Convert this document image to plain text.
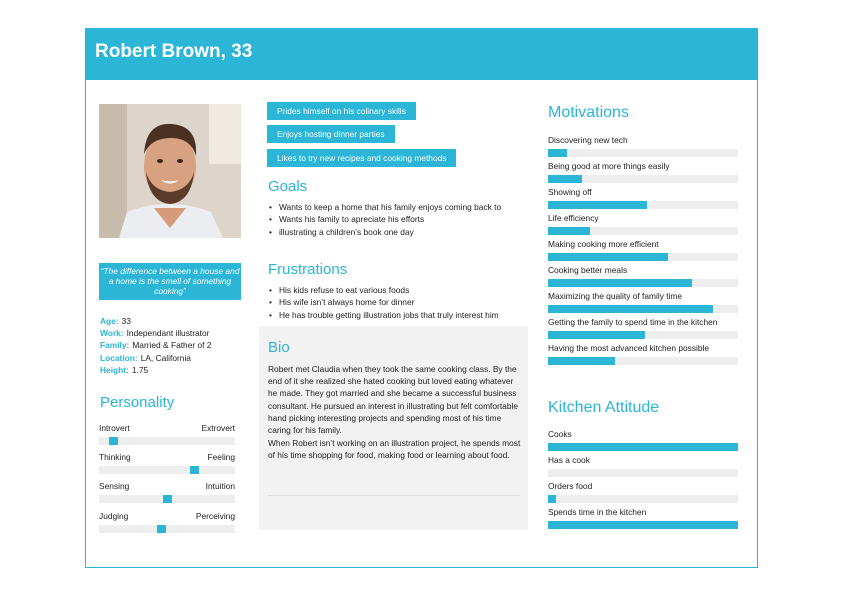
Robert Brown, 33
“The difference between a house and a home is the smell of something cooking”
Age: 33
Work: Independant illustrator
Family: Married & Father of 2
Location: LA, California
Height: 1.75
Personality
Introvert	Extrovert
Thinking	Feeling
Sensing	Intuition
Judging	Perceiving
Prides himself on his colinary skills
Enjoys hosting dinner parties
Likes to try new recipes and cooking methods
Goals
• Wants to keep a home that his family enjoys coming back to
• Wants his family to apreciate his efforts
• illustrating a children’s book one day
Frustrations
• His kids refuse to eat various foods
• His wife isn’t always home for dinner
• He has trouble getting illustration jobs that truly interest him
Bio

Robert met Claudia when they took the same cooking class. By the end of it she realized she hated cooking but loved eating whatever he made. They got married and she became a successful business consultant. He pursued an interest in illustrating but felt comfortable hand picking interesting projects and spending most of his time caring for his family.

When Robert isn’t working on an illustration project, he spends most of his time shopping for food, making food or learning about food.

Motivations
Discovering new tech
Being good at more things easily
Showing off
Life efficiency
Making cooking more efficient
Cooking better meals
Maximizing the quality of family time
Getting the family to spend time in the kitchen
Having the most advanced kitchen possible
Kitchen Attitude
Cooks
Has a cook
Orders food
Spends time in the kitchen
